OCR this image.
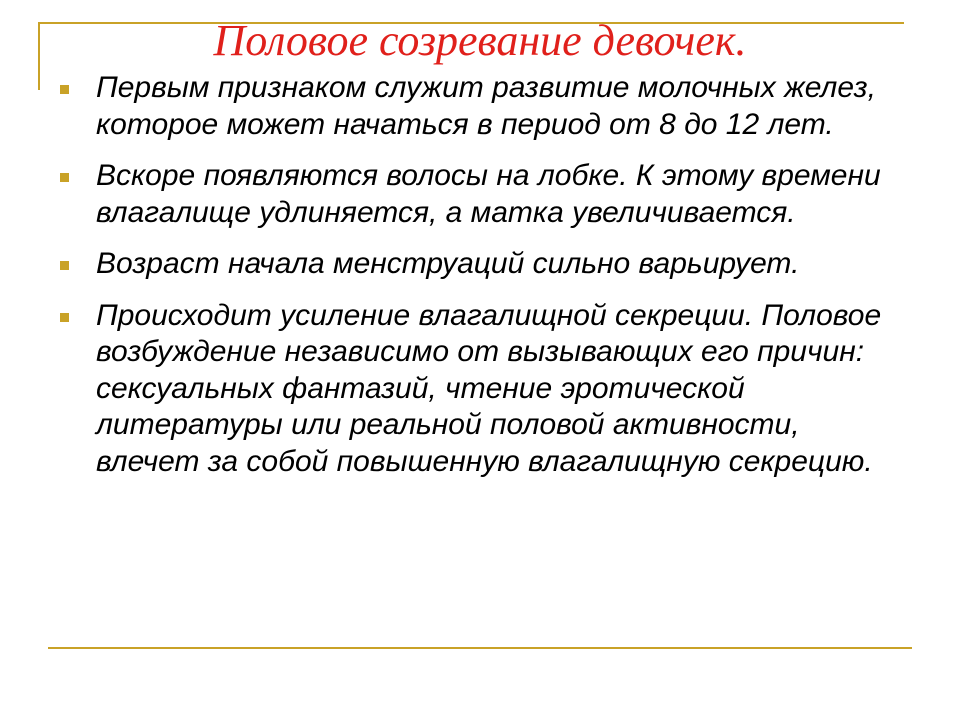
Половое созревание девочек.
Первым признаком служит развитие молочных желез, которое может начаться в период от 8 до 12 лет.
Вскоре появляются волосы на лобке. К этому времени влагалище удлиняется, а матка увеличивается.
Возраст начала менструаций сильно варьирует.
Происходит усиление влагалищной секреции. Половое возбуждение независимо от вызывающих его причин: сексуальных фантазий, чтение эротической литературы или реальной половой активности, влечет за собой повышенную влагалищную секрецию.
